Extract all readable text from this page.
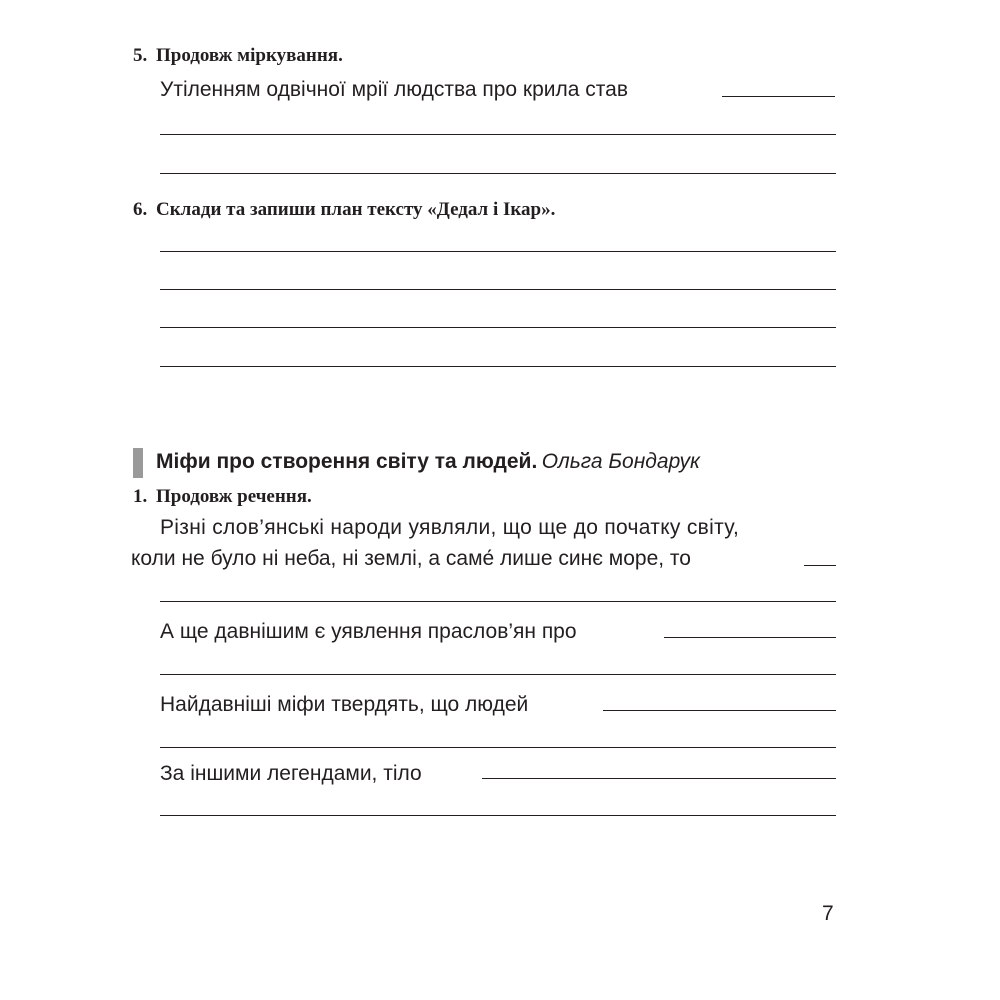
5. Продовж міркування.
Утіленням одвічної мрії людства про крила став
6. Склади та запиши план тексту «Дедал і Ікар».
Міфи про створення світу та людей. Ольга Бондарук
1. Продовж речення.
Різні слов’янські народи уявляли, що ще до початку світу,
коли не було ні неба, ні землі, а саме́ лише синє море, то
А ще давнішим є уявлення праслов’ян про
Найдавніші міфи твердять, що людей
За іншими легендами, тіло
7
